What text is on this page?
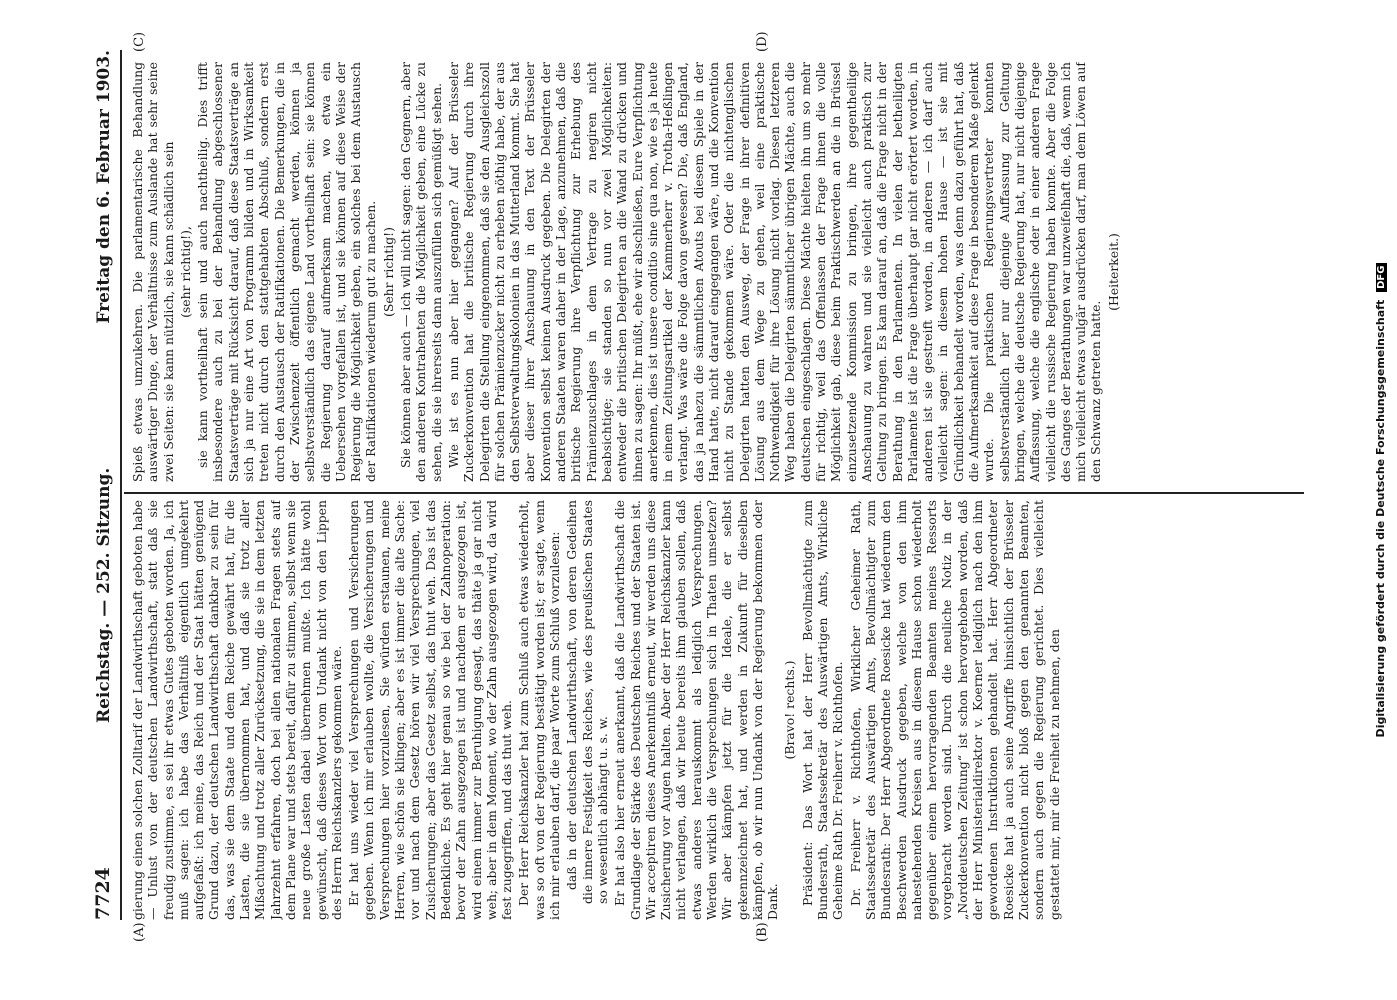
7724
Reichstag. — 252. Sitzung.
Freitag den 6. Februar 1903.
(A)	(B)
(C)	(D)

gierung einen solchen Zolltarif der Landwirthschaft geboten habe — Unlust von der deutschen Landwirthschaft, statt daß sie freudig zustimme, es sei ihr etwas Gutes geboten worden. Ja, ich muß sagen: ich habe das Verhältniß eigentlich umgekehrt aufgefaßt: ich meine, das Reich und der Staat hätten genügend Grund dazu, der deutschen Landwirthschaft dankbar zu sein für das, was sie dem Staate und dem Reiche gewährt hat, für die Lasten, die sie übernommen hat, und daß sie trotz aller Mißachtung und trotz aller Zurücksetzung, die sie in dem letzten Jahrzehnt erfahren, doch bei allen nationalen Fragen stets auf dem Plane war und stets bereit, dafür zu stimmen, selbst wenn sie neue große Lasten dabei übernehmen mußte. Ich hätte wohl gewünscht, daß dieses Wort vom Undank nicht von den Lippen des Herrn Reichskanzlers gekommen wäre. Er hat uns wieder viel Versprechungen und Versicherungen gegeben. Wenn ich mir erlauben wollte, die Versicherungen und Versprechungen hier vorzulesen, Sie würden erstaunen, meine Herren, wie schön sie klingen; aber es ist immer die alte Sache: vor und nach dem Gesetz hören wir viel Versprechungen, viel Zusicherungen; aber das Gesetz selbst, das thut weh. Das ist das Bedenkliche. Es geht hier genau so wie bei der Zahnoperation: bevor der Zahn ausgezogen ist und nachdem er ausgezogen ist, wird einem immer zur Beruhigung gesagt, das thäte ja gar nicht weh; aber in dem Moment, wo der Zahn ausgezogen wird, da wird fest zugegriffen, und das thut weh. Der Herr Reichskanzler hat zum Schluß auch etwas wiederholt, was so oft von der Regierung bestätigt worden ist; er sagte, wenn ich mir erlauben darf, die paar Worte zum Schluß vorzulesen: daß in der deutschen Landwirthschaft, von deren Gedeihen die innere Festigkeit des Reiches, wie des preußischen Staates so wesentlich abhängt u. s. w. Er hat also hier erneut anerkannt, daß die Landwirthschaft die Grundlage der Stärke des Deutschen Reiches und der Staaten ist. Wir acceptiren dieses Anerkenntniß erneut, wir werden uns diese Zusicherung vor Augen halten. Aber der Herr Reichskanzler kann nicht verlangen, daß wir heute bereits ihm glauben sollen, daß etwas anderes herauskommt als lediglich Versprechungen. Werden wirklich die Versprechungen sich in Thaten umsetzen? Wir aber kämpfen jetzt für die Ideale, die er selbst gekennzeichnet hat, und werden in Zukunft für dieselben kämpfen, ob wir nun Undank von der Regierung bekommen oder Dank.

(Bravo! rechts.) Präsident: Das Wort hat der Herr Bevollmächtigte zum Bundesrath, Staatssekretär des Auswärtigen Amts, Wirkliche Geheime Rath Dr. Freiherr v. Richthofen. Dr. Freiherr v. Richthofen, Wirklicher Geheimer Rath, Staatssekretär des Auswärtigen Amts, Bevollmächtigter zum Bundesrath: Der Herr Abgeordnete Roesicke hat wiederum den Beschwerden Ausdruck gegeben, welche von den ihm nahestehenden Kreisen aus in diesem Hause schon wiederholt gegenüber einem hervorragenden Beamten meines Ressorts vorgebracht worden sind. Durch die neuliche Notiz in der „Norddeutschen Zeitung“ ist schon hervorgehoben worden, daß der Herr Ministerialdirektor v. Koerner lediglich nach den ihm gewordenen Instruktionen gehandelt hat. Herr Abgeordneter Roesicke hat ja auch seine Angriffe hinsichtlich der Brüsseler Zuckerkonvention nicht bloß gegen den genannten Beamten, sondern auch gegen die Regierung gerichtet. Dies vielleicht gestattet mir, mir die Freiheit zu nehmen, den

Spieß etwas umzukehren. Die parlamentarische Behandlung auswärtiger Dinge, der Verhältnisse zum Auslande hat sehr seine zwei Seiten: sie kann nützlich, sie kann schädlich sein (sehr richtig!), sie kann vortheilhaft sein und auch nachtheilig. Dies trifft insbesondere auch zu bei der Behandlung abgeschlossener Staatsverträge mit Rücksicht darauf, daß diese Staatsverträge an sich ja nur eine Art von Programm bilden und in Wirksamkeit treten nicht durch den stattgehabten Abschluß, sondern erst durch den Austausch der Ratifikationen. Die Bemerkungen, die in der Zwischenzeit öffentlich gemacht werden, können ja selbstverständlich das eigene Land vortheilhaft sein: sie können die Regierung darauf aufmerksam machen, wo etwa ein Uebersehen vorgefallen ist, und sie können auf diese Weise der Regierung die Möglichkeit geben, ein solches bei dem Austausch der Ratifikationen wiederum gut zu machen. (Sehr richtig!) Sie können aber auch — ich will nicht sagen: den Gegnern, aber den anderen Kontrahenten die Möglichkeit geben, eine Lücke zu sehen, die sie ihrerseits dann auszufüllen sich gemüßigt sehen. Wie ist es nun aber hier gegangen? Auf der Brüsseler Zuckerkonvention hat die britische Regierung durch ihre Delegirten die Stellung eingenommen, daß sie den Ausgleichszoll für solchen Prämienzucker nicht zu erheben nöthig habe, der aus den Selbstverwaltungskolonien in das Mutterland kommt. Sie hat aber dieser ihrer Anschauung in den Text der Brüsseler Konvention selbst keinen Ausdruck gegeben. Die Delegirten der anderen Staaten waren daher in der Lage, anzunehmen, daß die britische Regierung ihre Verpflichtung zur Erhebung des Prämienzuschlages in dem Vertrage zu negiren nicht beabsichtige; sie standen so nun vor zwei Möglichkeiten: entweder die britischen Delegirten an die Wand zu drücken und ihnen zu sagen: Ihr müßt, ehe wir abschließen, Eure Verpflichtung anerkennen, dies ist unsere conditio sine qua non, wie es ja heute in einem Zeitungsartikel der Kammerherr v. Trotha-Heßlingen verlangt. Was wäre die Folge davon gewesen? Die, daß England, das ja nahezu die sämmtlichen Atouts bei diesem Spiele in der Hand hatte, nicht darauf eingegangen wäre, und die Konvention nicht zu Stande gekommen wäre. Oder die nichtenglischen Delegirten hatten den Ausweg, der Frage in ihrer definitiven Lösung aus dem Wege zu gehen, weil eine praktische Nothwendigkeit für ihre Lösung nicht vorlag. Diesen letzteren Weg haben die Delegirten sämmtlicher übrigen Mächte, auch die deutschen eingeschlagen. Diese Mächte hielten ihn um so mehr für richtig, weil das Offenlassen der Frage ihnen die volle Möglichkeit gab, diese beim Praktischwerden an die in Brüssel einzusetzende Kommission zu bringen, ihre gegentheilige Anschauung zu wahren und sie vielleicht auch praktisch zur Geltung zu bringen. Es kam darauf an, daß die Frage nicht in der Berathung in den Parlamenten. In vielen der betheiligten Parlamente ist die Frage überhaupt gar nicht erörtert worden, in anderen ist sie gestreift worden, in anderen — ich darf auch vielleicht sagen: in diesem hohen Hause — ist sie mit Gründlichkeit behandelt worden, was denn dazu geführt hat, daß die Aufmerksamkeit auf diese Frage in besonderem Maße gelenkt wurde. Die praktischen Regierungsvertreter konnten selbstverständlich hier nur diejenige Auffassung zur Geltung bringen, welche die deutsche Regierung hat, nur nicht diejenige Auffassung, welche die englische oder in einer anderen Frage vielleicht die russische Regierung haben konnte. Aber die Folge des Ganges der Berathungen war unzweifelhaft die, daß, wenn ich mich vielleicht etwas vulgär ausdrücken darf, man dem Löwen auf den Schwanz getreten hatte.

(Heiterkeit.)

Digitalisierung gefördert durch die Deutsche Forschungsgemeinschaft DFG
